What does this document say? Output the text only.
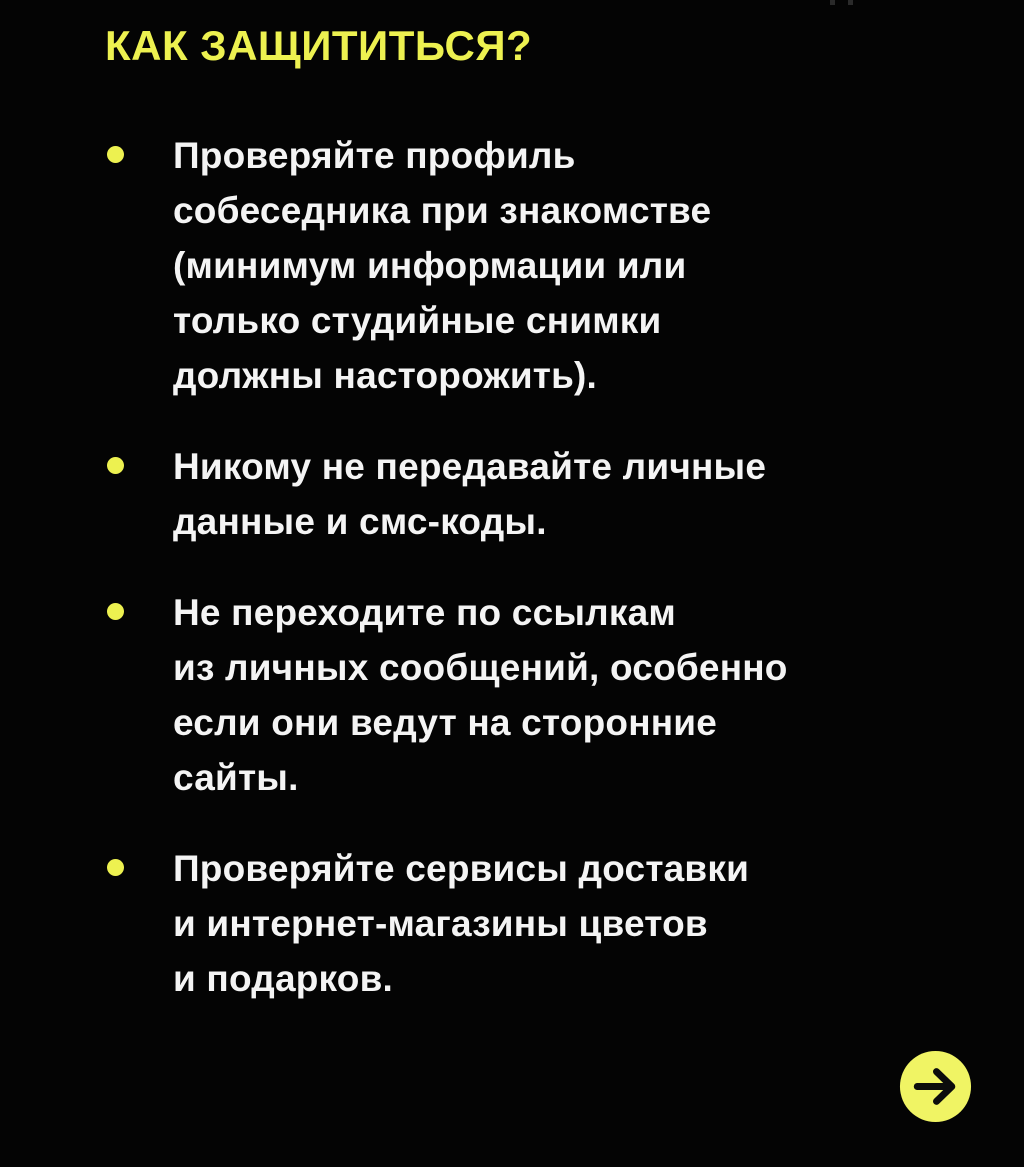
КАК ЗАЩИТИТЬСЯ?
Проверяйте профиль
собеседника при знакомстве
(минимум информации или
только студийные снимки
должны насторожить).
Никому не передавайте личные
данные и смс-коды.
Не переходите по ссылкам
из личных сообщений, особенно
если они ведут на сторонние
сайты.
Проверяйте сервисы доставки
и интернет-магазины цветов
и подарков.
